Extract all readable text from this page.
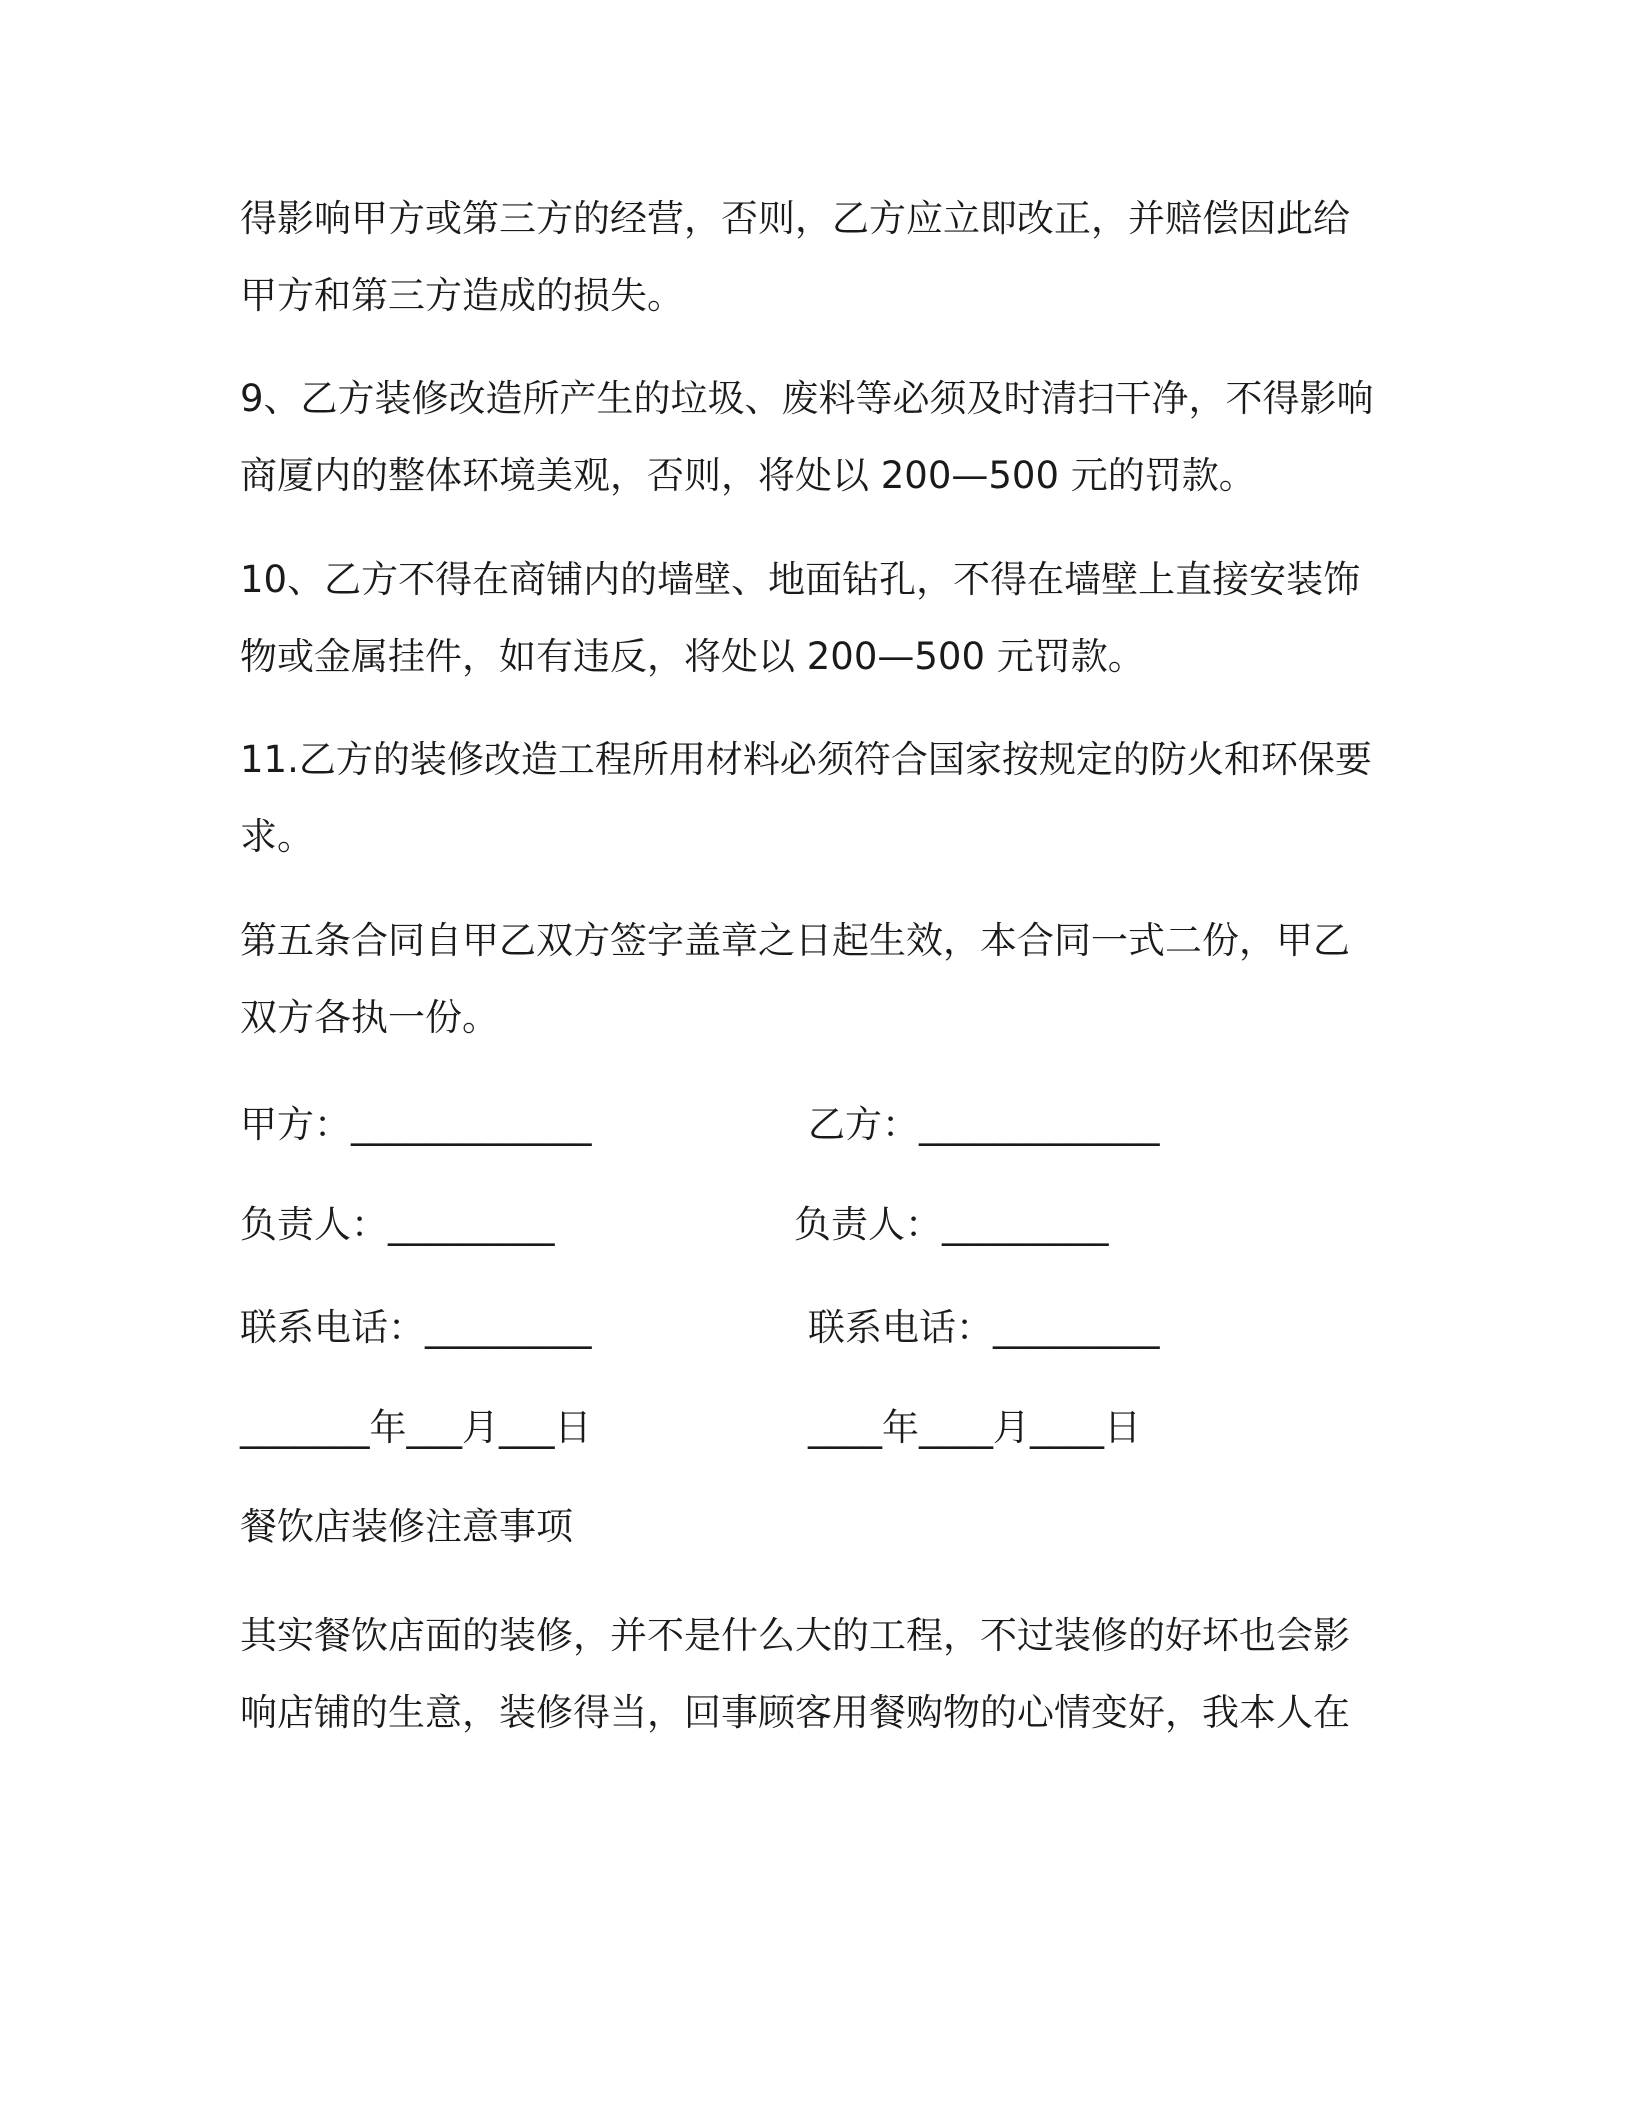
得影响甲方或第三方的经营，否则，乙方应立即改正，并赔偿因此给
甲方和第三方造成的损失。
9、乙方装修改造所产生的垃圾、废料等必须及时清扫干净，不得影响
商厦内的整体环境美观，否则，将处以 200—500 元的罚款。
10、乙方不得在商铺内的墙壁、地面钻孔，不得在墙壁上直接安装饰
物或金属挂件，如有违反，将处以 200—500 元罚款。
11.乙方的装修改造工程所用材料必须符合国家按规定的防火和环保要
求。
第五条合同自甲乙双方签字盖章之日起生效，本合同一式二份，甲乙
双方各执一份。
甲方：_____________	乙方：_____________
负责人：_________	负责人：_________
联系电话：_________	联系电话：_________
_______年___月___日	____年____月____日
餐饮店装修注意事项
其实餐饮店面的装修，并不是什么大的工程，不过装修的好坏也会影
响店铺的生意，装修得当，回事顾客用餐购物的心情变好，我本人在
